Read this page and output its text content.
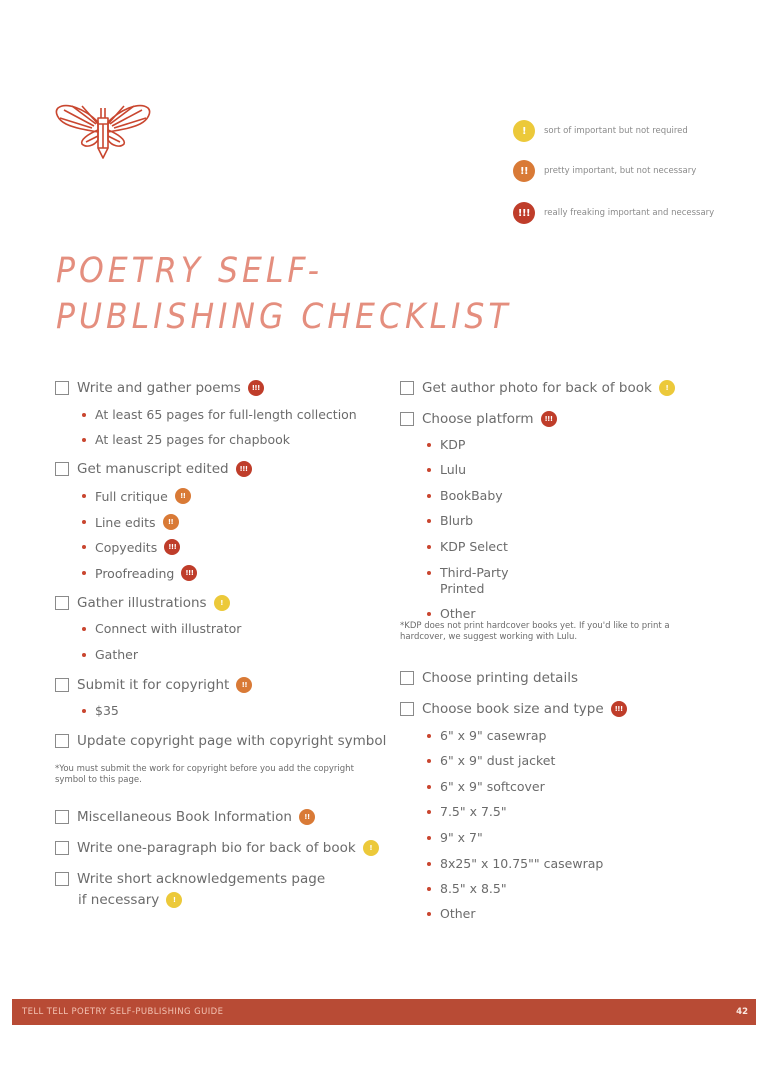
!	sort of important but not required
!!	pretty important, but not necessary
!!!	really freaking important and necessary
POETRY SELF-
PUBLISHING CHECKLIST
Write and gather poems	!!!
At least 65 pages for full-length collection
At least 25 pages for chapbook
Get manuscript edited	!!!
Full critique	!!
Line edits	!!
Copyedits	!!!
Proofreading	!!!
Gather illustrations	!
Connect with illustrator
Gather
Submit it for copyright	!!
$35
Update copyright page with copyright symbol
*You must submit the work for copyright before you add the copyright symbol to this page.
Miscellaneous Book Information	!!
Write one-paragraph bio for back of book	!
Write short acknowledgements page
if necessary	!
Get author photo for back of book	!
Choose platform	!!!
KDP
Lulu
BookBaby
Blurb
KDP Select
Third-Party
Printed
Other
*KDP does not print hardcover books yet. If you'd like to print a hardcover, we suggest working with Lulu.
Choose printing details
Choose book size and type	!!!
6" x 9" casewrap
6" x 9" dust jacket
6" x 9" softcover
7.5" x 7.5"
9" x 7"
8x25" x 10.75"" casewrap
8.5" x 8.5"
Other
TELL TELL POETRY SELF-PUBLISHING GUIDE	42
